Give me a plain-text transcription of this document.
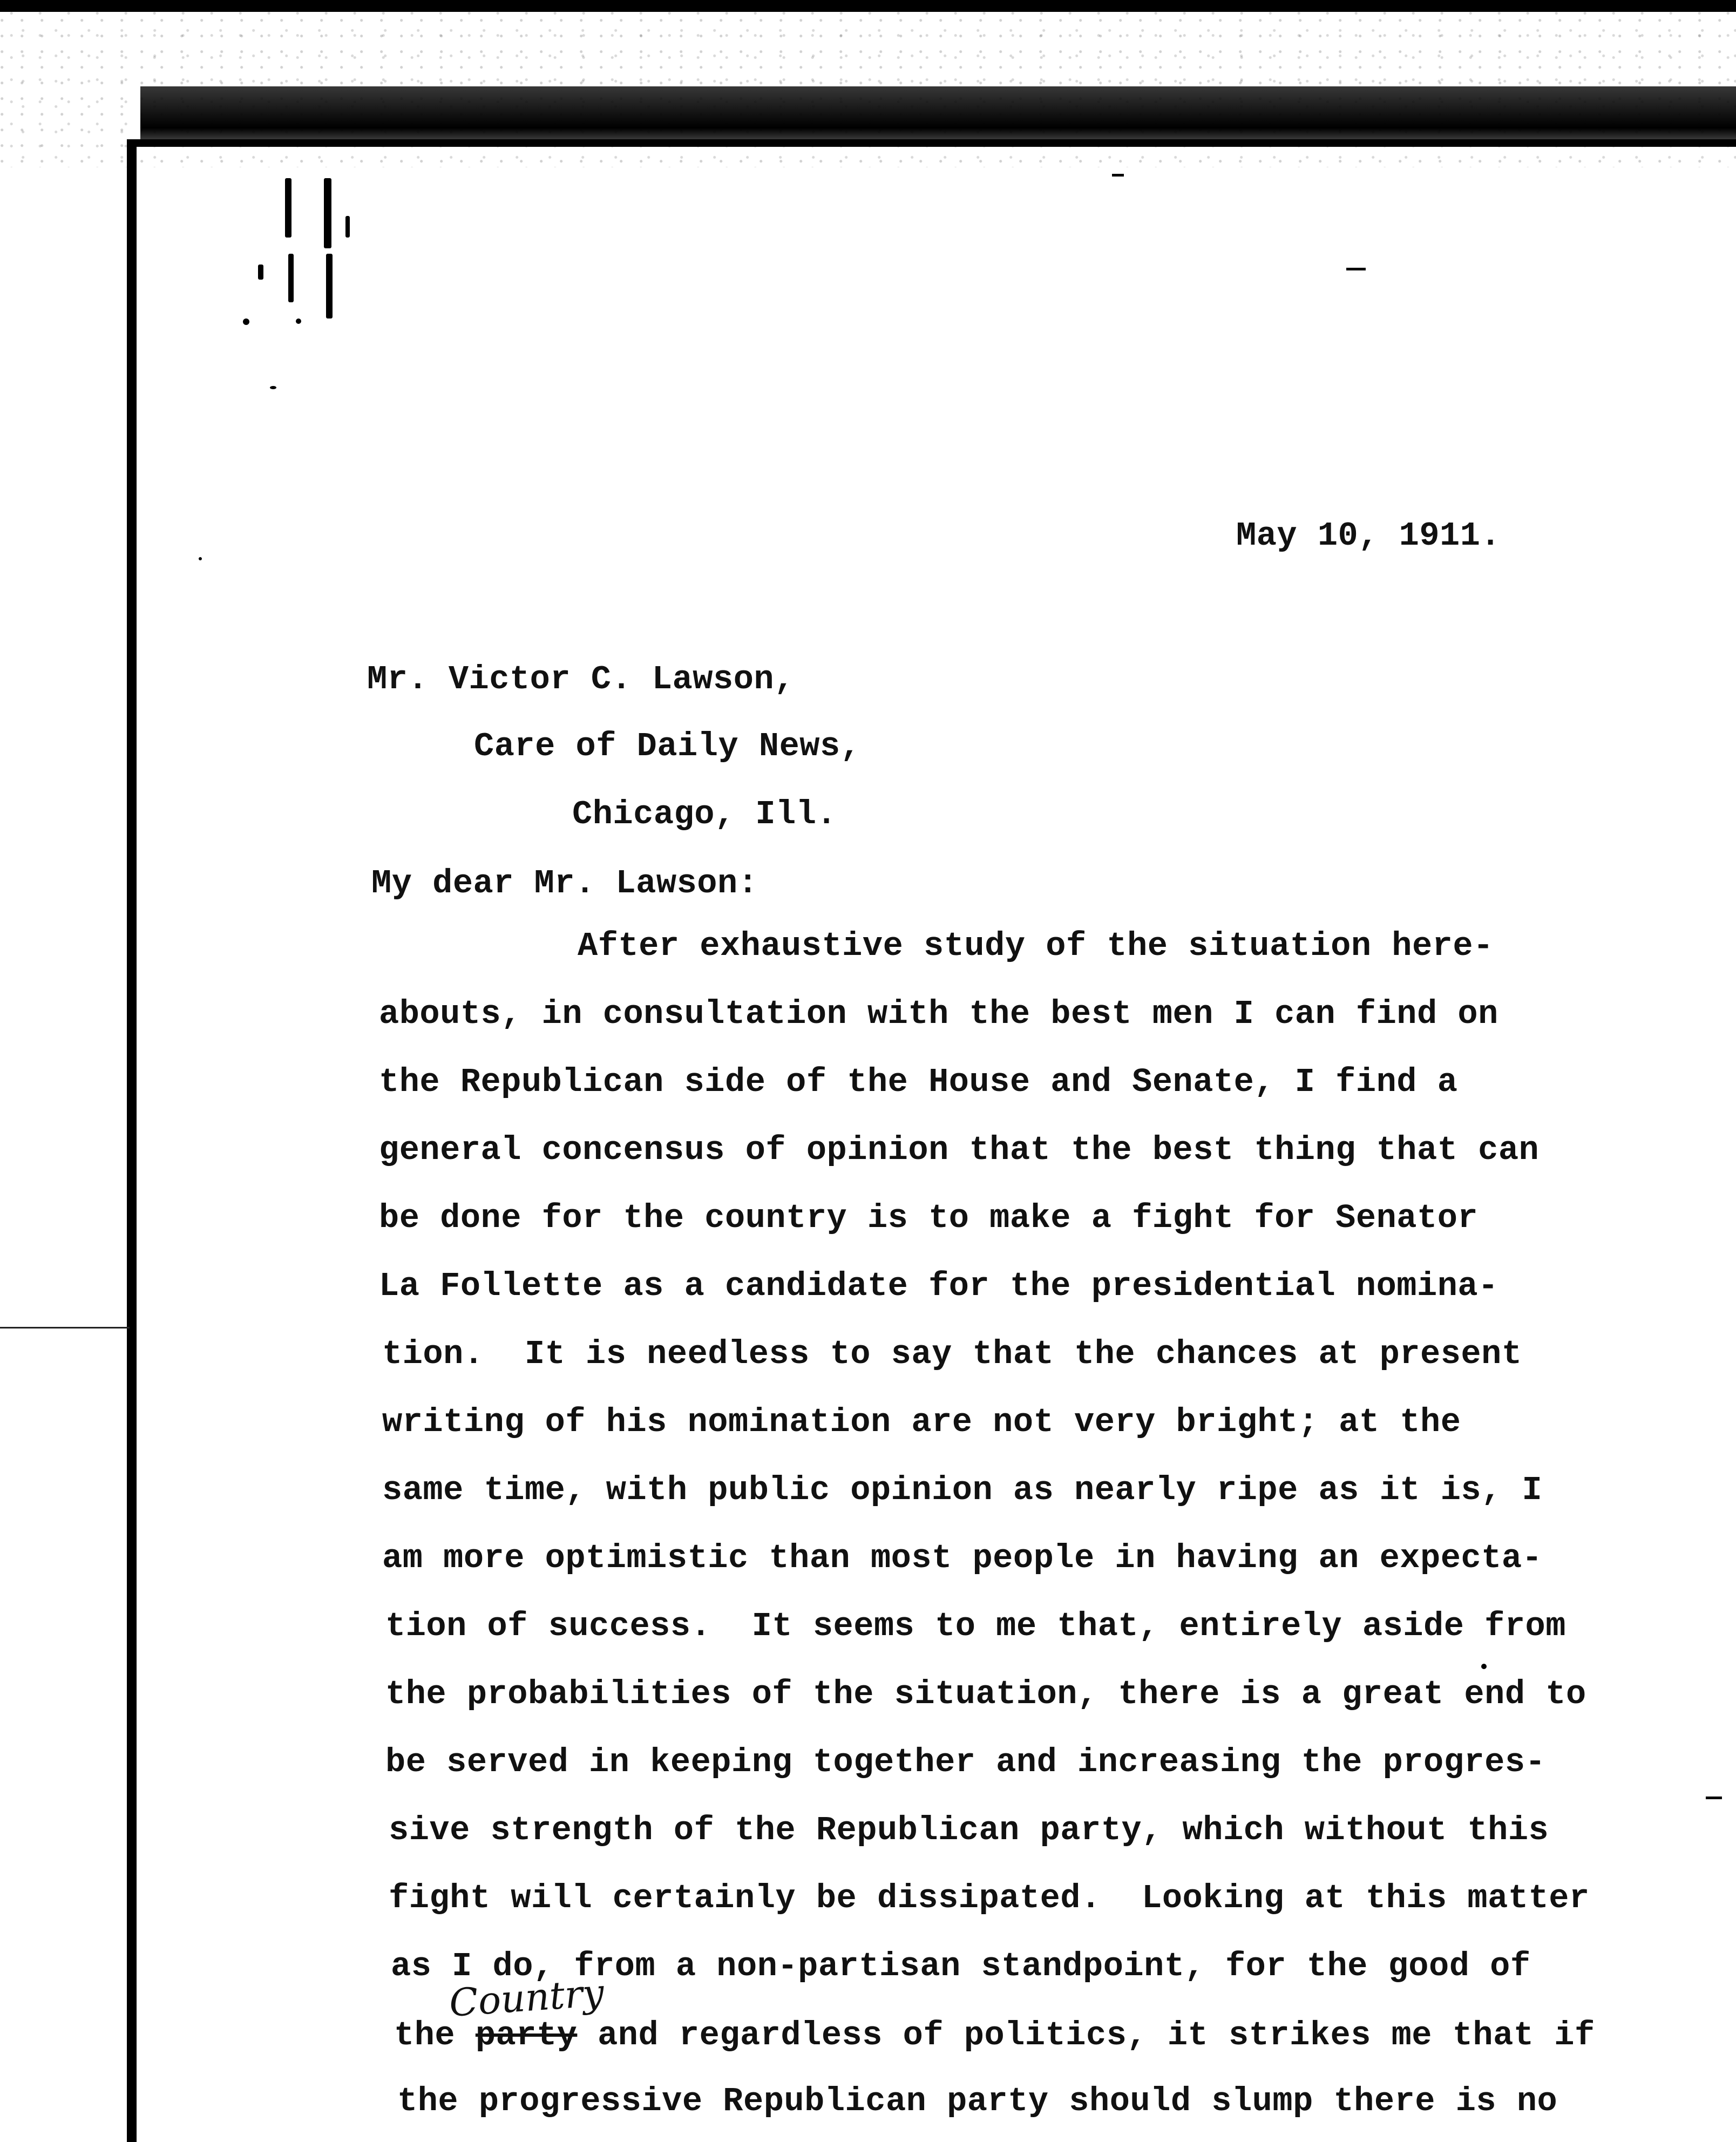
May 10, 1911.
Mr. Victor C. Lawson,
Care of Daily News,
Chicago, Ill.
My dear Mr. Lawson:
After exhaustive study of the situation here-
abouts, in consultation with the best men I can find on
the Republican side of the House and Senate, I find a
general concensus of opinion that the best thing that can
be done for the country is to make a fight for Senator
La Follette as a candidate for the presidential nomina-
tion.  It is needless to say that the chances at present
writing of his nomination are not very bright; at the
same time, with public opinion as nearly ripe as it is, I
am more optimistic than most people in having an expecta-
tion of success.  It seems to me that, entirely aside from
the probabilities of the situation, there is a great end to
be served in keeping together and increasing the progres-
sive strength of the Republican party, which without this
fight will certainly be dissipated.  Looking at this matter
as I do, from a non-partisan standpoint, for the good of
Country
the party and regardless of politics, it strikes me that if
the progressive Republican party should slump there is no
